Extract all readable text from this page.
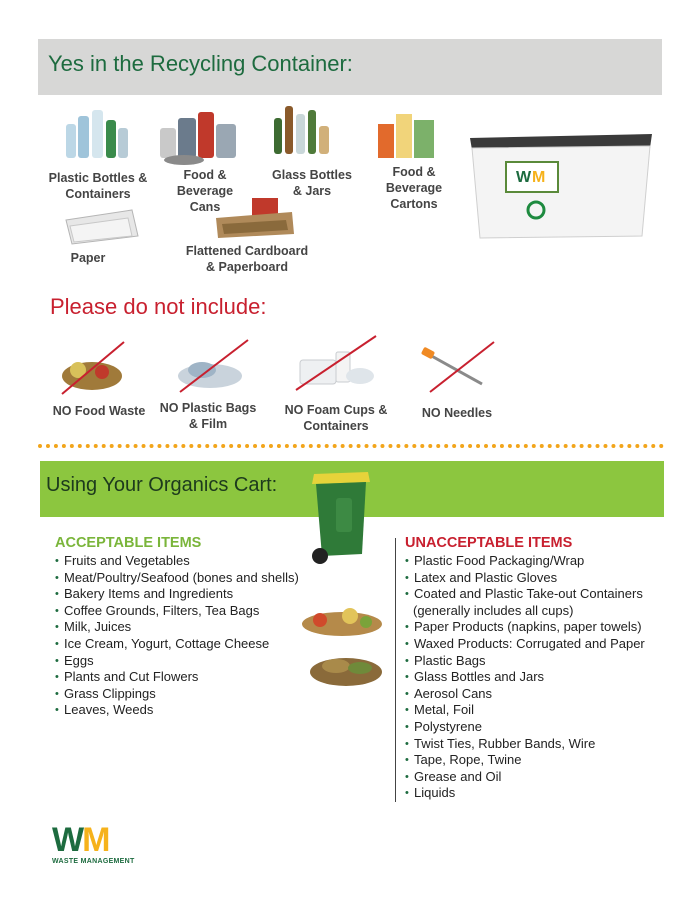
Yes in the Recycling Container:
Plastic Bottles & Containers
Food & Beverage Cans
Glass Bottles & Jars
Food & Beverage Cartons
Paper	Flattened Cardboard & Paperboard
W M
Please do not include:
NO Food Waste	NO Plastic Bags & Film
NO Foam Cups & Containers
NO Needles
Using Your Organics Cart:
ACCEPTABLE ITEMS
• Fruits and Vegetables
• Meat/Poultry/Seafood (bones and shells)
• Bakery Items and Ingredients
• Coffee Grounds, Filters, Tea Bags
• Milk, Juices
• Ice Cream, Yogurt, Cottage Cheese
• Eggs
• Plants and Cut Flowers
• Grass Clippings
• Leaves, Weeds
UNACCEPTABLE ITEMS
• Plastic Food Packaging/Wrap
• Latex and Plastic Gloves
• Coated and Plastic Take-out Containers
(generally includes all cups)
• Paper Products (napkins, paper towels)
• Waxed Products: Corrugated and Paper
• Plastic Bags
• Glass Bottles and Jars
• Aerosol Cans
• Metal, Foil
• Polystyrene
• Twist Ties, Rubber Bands, Wire
• Tape, Rope, Twine
• Grease and Oil
• Liquids
WM
WASTE MANAGEMENT
